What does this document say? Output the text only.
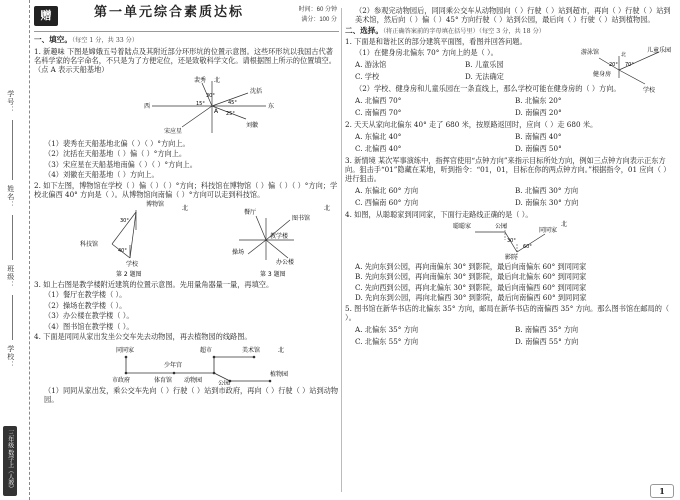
学号：
姓名：
班级：
学校：
三年级 数学上（人教）
赠	第一单元综合素质达标	时间：60 分钟
满分：100 分
一、填空。（每空 1 分，共 33 分）

1. 新趣味 下图是嫦娥五号着陆点及其附近部分环形坑的位置示意图。这些环形坑以我国古代著名科学家的名字命名，不只是为了方便定位，还是致敬科学文化。请根据图上所示的位置填空。（点 A 表示天船基地）

裴秀
沈括
北
西	东
宋应星
刘徽
A
30°
15°
25°
45°

（1）裴秀在天船基地北偏（ ）（ ）°方向上。

（2）沈括在天船基地（ ）偏（ ）°方向上。

（3）宋应星在天船基地南偏（ ）（ ）°方向上。

（4）刘徽在天船基地（ ）方向上。

2. 如下左图，博物馆在学校（ ）偏（ ）（ ）°方向；科技馆在博物馆（ ）偏（ ）（ ）°方向；学校北偏西 40° 方向是（ ）。从博物馆向南偏（ ）°方向可以走到科技馆。

博物馆
北
科技馆
学校
30°
40°
第 2 题图
餐厅
图书馆
北
教学楼
操场
办公楼
第 3 题图

3. 如上右图是教学楼附近建筑的位置示意图。先用量角器量一量，再填空。

（1）餐厅在教学楼（ ）。

（2）操场在教学楼（ ）。

（3）办公楼在教学楼（ ）。

（4）图书馆在教学楼（ ）。

4. 下面是同同从家出发坐公交车先去动物园，再去植物园的线路图。

同同家	超市
少年宫
市政府	体育馆 动物园
北
公园
植物园
美术馆

（1）同同从家出发，乘公交车先向（ ）行驶（ ）站到市政府，再向（ ）行驶（ ）站到动物园。

（2）参观完动物园后，同同乘公交车从动物园向（ ）行驶（ ）站到超市，再向（ ）行驶（ ）站到美术馆，然后向（ ）偏（ ）45° 方向行驶（ ）站到公园，最后向（ ）行驶（ ）站到植物园。

二、选择。（将正确答案前的字母填在括号里）（每空 3 分，共 18 分）

1. 下面是和谐社区的部分建筑平面图，看图并回答问题。

游泳馆	儿童乐园
北
健身房
学校
20° 70°

（1）在健身房北偏东 70° 方向上的是（ ）。

A. 游泳馆	B. 儿童乐园
C. 学校	D. 无法确定

（2）学校、健身房和儿童乐园在一条直线上，那么学校可能在健身房的（ ）方向。

A. 北偏西 70°	B. 北偏东 20°
C. 南偏西 70°	D. 南偏西 20°

2. 天天从家向北偏东 40° 走了 680 米，按原路返回时，应向（ ）走 680 米。

A. 东偏北 40°	B. 南偏西 40°
C. 北偏西 40°	D. 南偏西 50°

3. 新情境 某次军事演练中，指挥官使用“点钟方向”来指示目标所处方向，例如三点钟方向表示正东方向。狙击手“01”隐藏在某地，听到指令：“01，01，目标在你的两点钟方向。”根据指令，01 应向（ ）进行狙击。

A. 东偏北 60° 方向	B. 北偏西 30° 方向
C. 西偏南 60° 方向	D. 南偏东 30° 方向

4. 如图，从聪聪家到同同家，下面行走路线正确的是（ ）。

聪聪家	公园	北
同同家
影院
30°
60°

A. 先向东到公园，再向南偏东 30° 到影院，最后向南偏东 60° 到同同家

B. 先向东到公园，再向南偏东 30° 到影院，最后向北偏东 60° 到同同家

C. 先向西到公园，再向北偏东 30° 到影院，最后向南偏西 60° 到同同家

D. 先向东到公园，再向北偏西 30° 到影院，最后向南偏西 60° 到同同家

5. 图书馆在新华书店的北偏东 35° 方向，邮局在新华书店的南偏西 35° 方向。那么图书馆在邮局的（ ）。

A. 北偏东 35° 方向	B. 南偏西 35° 方向
C. 北偏东 55° 方向	D. 南偏西 55° 方向
1
